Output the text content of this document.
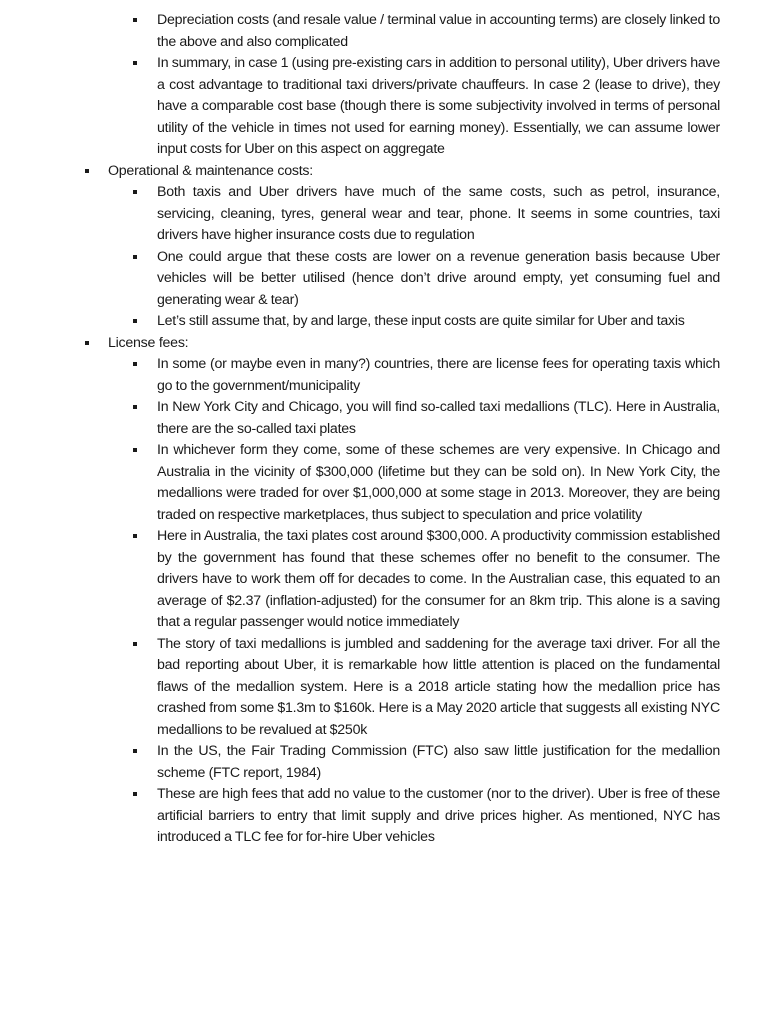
Depreciation costs (and resale value / terminal value in accounting terms) are closely linked to the above and also complicated
In summary, in case 1 (using pre-existing cars in addition to personal utility), Uber drivers have a cost advantage to traditional taxi drivers/private chauffeurs. In case 2 (lease to drive), they have a comparable cost base (though there is some subjectivity involved in terms of personal utility of the vehicle in times not used for earning money). Essentially, we can assume lower input costs for Uber on this aspect on aggregate
Operational & maintenance costs:
Both taxis and Uber drivers have much of the same costs, such as petrol, insurance, servicing, cleaning, tyres, general wear and tear, phone. It seems in some countries, taxi drivers have higher insurance costs due to regulation
One could argue that these costs are lower on a revenue generation basis because Uber vehicles will be better utilised (hence don’t drive around empty, yet consuming fuel and generating wear & tear)
Let’s still assume that, by and large, these input costs are quite similar for Uber and taxis
License fees:
In some (or maybe even in many?) countries, there are license fees for operating taxis which go to the government/municipality
In New York City and Chicago, you will find so-called taxi medallions (TLC). Here in Australia, there are the so-called taxi plates
In whichever form they come, some of these schemes are very expensive. In Chicago and Australia in the vicinity of $300,000 (lifetime but they can be sold on). In New York City, the medallions were traded for over $1,000,000 at some stage in 2013. Moreover, they are being traded on respective marketplaces, thus subject to speculation and price volatility
Here in Australia, the taxi plates cost around $300,000. A productivity commission established by the government has found that these schemes offer no benefit to the consumer. The drivers have to work them off for decades to come. In the Australian case, this equated to an average of $2.37 (inflation-adjusted) for the consumer for an 8km trip. This alone is a saving that a regular passenger would notice immediately
The story of taxi medallions is jumbled and saddening for the average taxi driver. For all the bad reporting about Uber, it is remarkable how little attention is placed on the fundamental flaws of the medallion system. Here is a 2018 article stating how the medallion price has crashed from some $1.3m to $160k. Here is a May 2020 article that suggests all existing NYC medallions to be revalued at $250k
In the US, the Fair Trading Commission (FTC) also saw little justification for the medallion scheme (FTC report, 1984)
These are high fees that add no value to the customer (nor to the driver). Uber is free of these artificial barriers to entry that limit supply and drive prices higher. As mentioned, NYC has introduced a TLC fee for for-hire Uber vehicles
